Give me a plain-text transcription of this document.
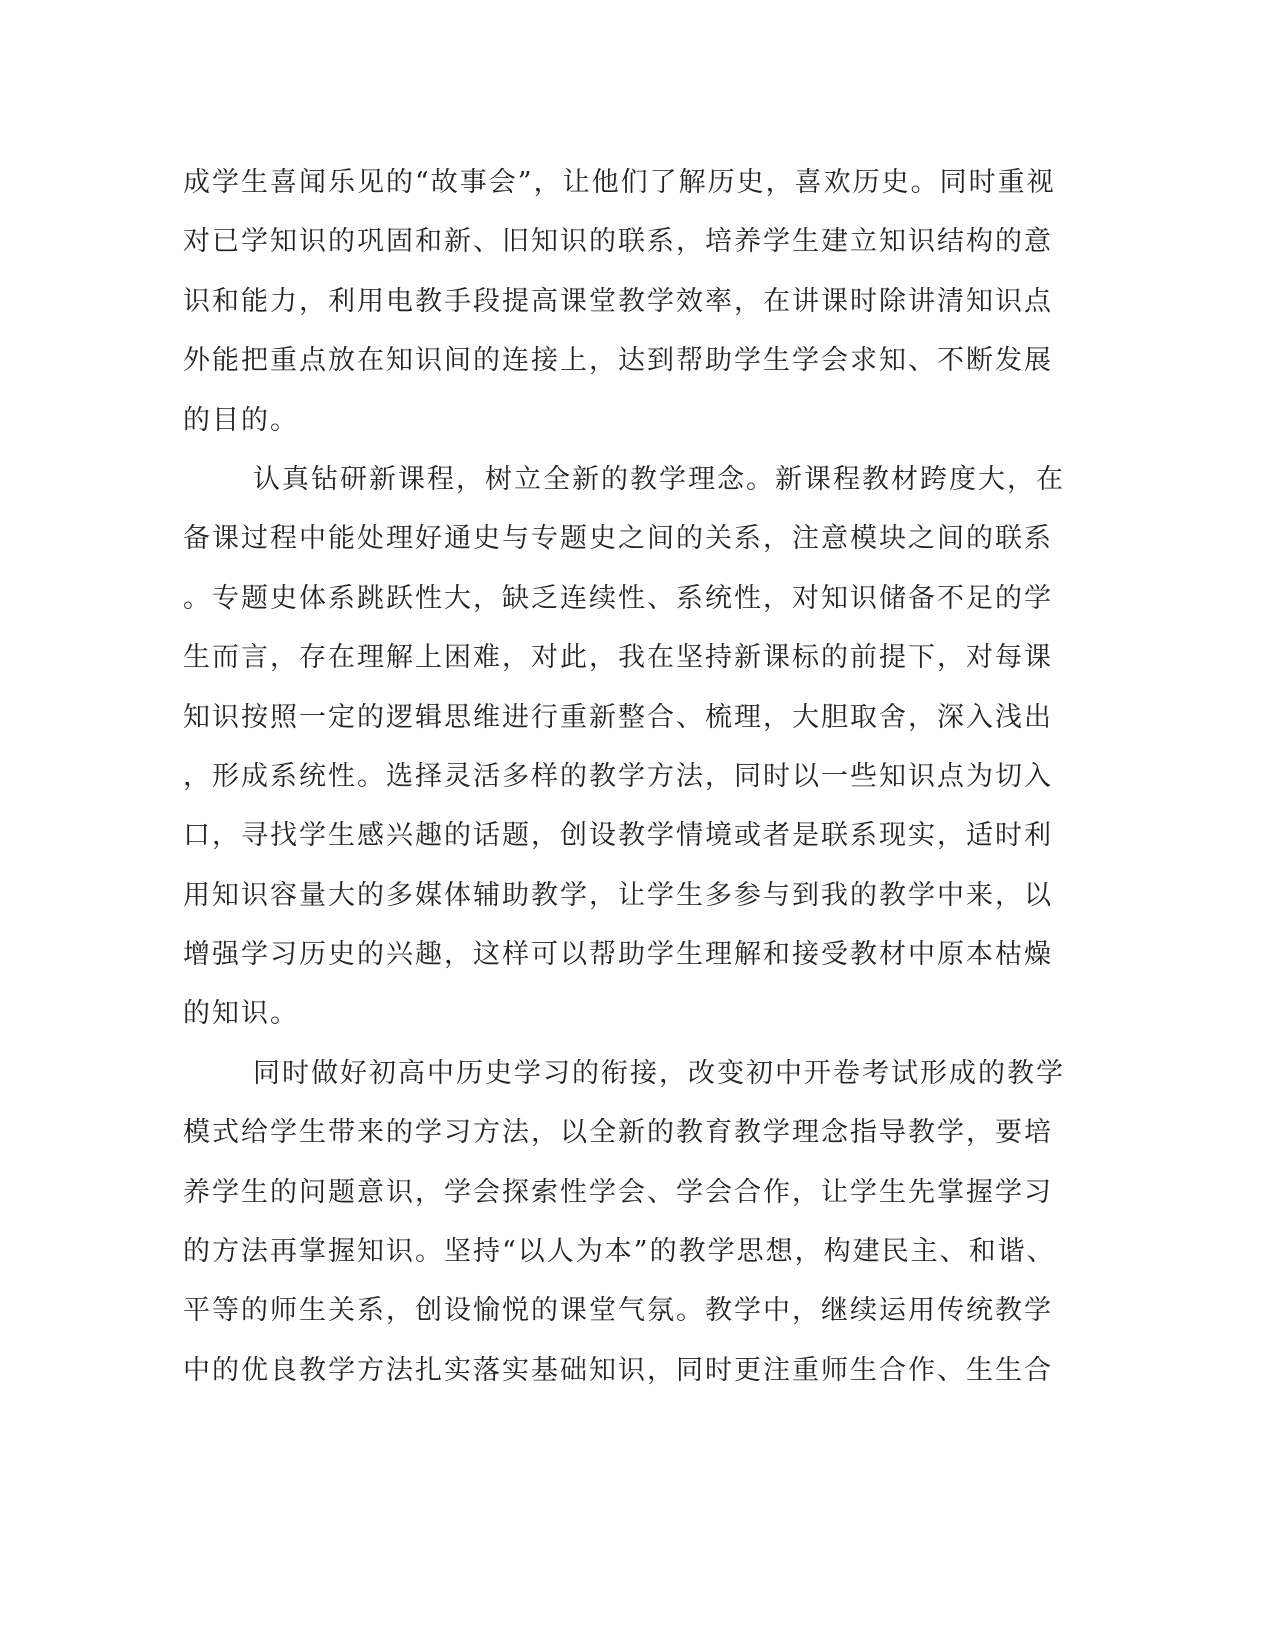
成学生喜闻乐见的“故事会”，让他们了解历史，喜欢历史。同时重视
对已学知识的巩固和新、旧知识的联系，培养学生建立知识结构的意
识和能力，利用电教手段提高课堂教学效率，在讲课时除讲清知识点
外能把重点放在知识间的连接上，达到帮助学生学会求知、不断发展
的目的。
认真钻研新课程，树立全新的教学理念。新课程教材跨度大，在
备课过程中能处理好通史与专题史之间的关系，注意模块之间的联系
。专题史体系跳跃性大，缺乏连续性、系统性，对知识储备不足的学
生而言，存在理解上困难，对此，我在坚持新课标的前提下，对每课
知识按照一定的逻辑思维进行重新整合、梳理，大胆取舍，深入浅出
，形成系统性。选择灵活多样的教学方法，同时以一些知识点为切入
口，寻找学生感兴趣的话题，创设教学情境或者是联系现实，适时利
用知识容量大的多媒体辅助教学，让学生多参与到我的教学中来，以
增强学习历史的兴趣，这样可以帮助学生理解和接受教材中原本枯燥
的知识。
同时做好初高中历史学习的衔接，改变初中开卷考试形成的教学
模式给学生带来的学习方法，以全新的教育教学理念指导教学，要培
养学生的问题意识，学会探索性学会、学会合作，让学生先掌握学习
的方法再掌握知识。坚持“以人为本”的教学思想，构建民主、和谐、
平等的师生关系，创设愉悦的课堂气氛。教学中，继续运用传统教学
中的优良教学方法扎实落实基础知识，同时更注重师生合作、生生合
